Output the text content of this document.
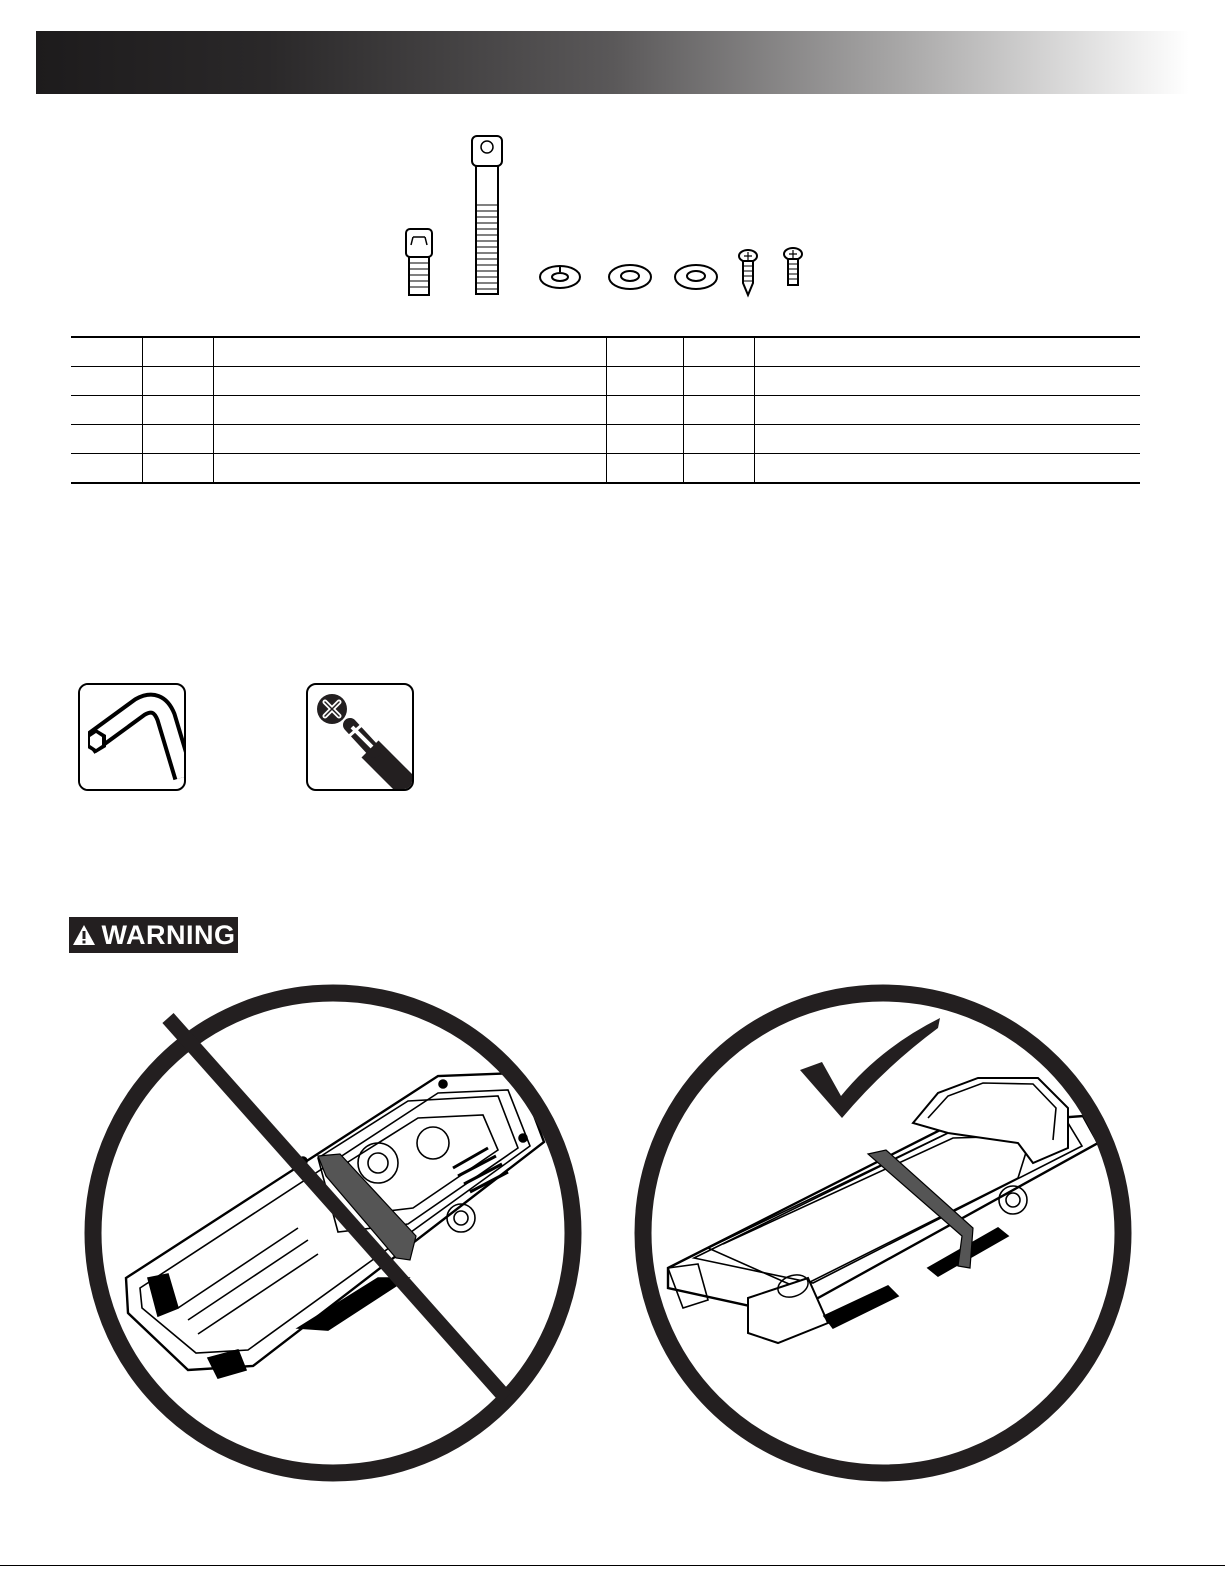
WARNING
